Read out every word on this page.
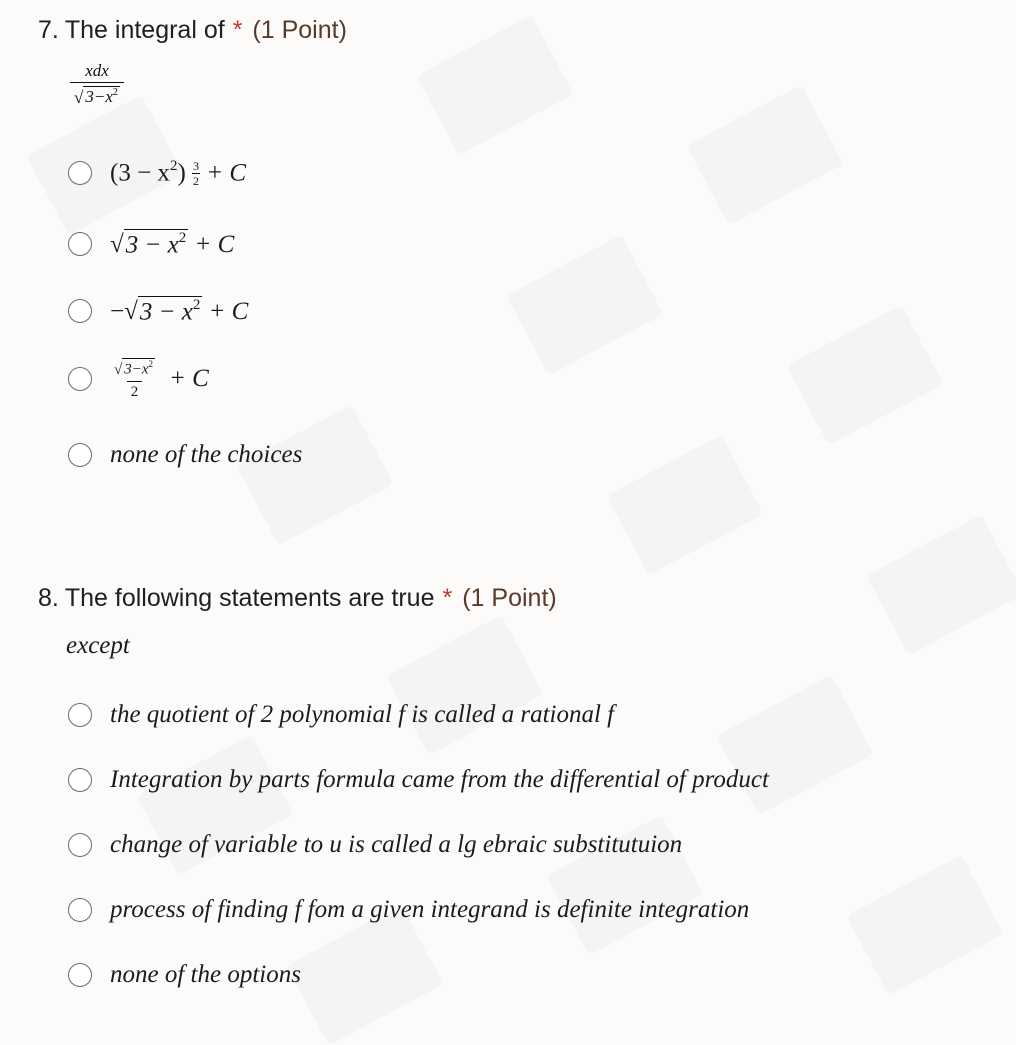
7. The integral of * (1 Point)
$\frac{\text{xdx}}{√ 3-x^2}$
$(3 - x^2) \frac{3}{2} + C$
√ $3 - x^2 + C$
− √ $3 - x^2 + C$
$\frac{√ 3-x^2}{2} + C$
none of the choices
8. The following statements are true * (1 Point)
except
the quotient of 2 polynomial f is called a rational f
Integration by parts formula came from the differential of product
change of variable to u is called a lg ebraic substitutuion
process of finding f fom a given integrand is definite integration
none of the options
